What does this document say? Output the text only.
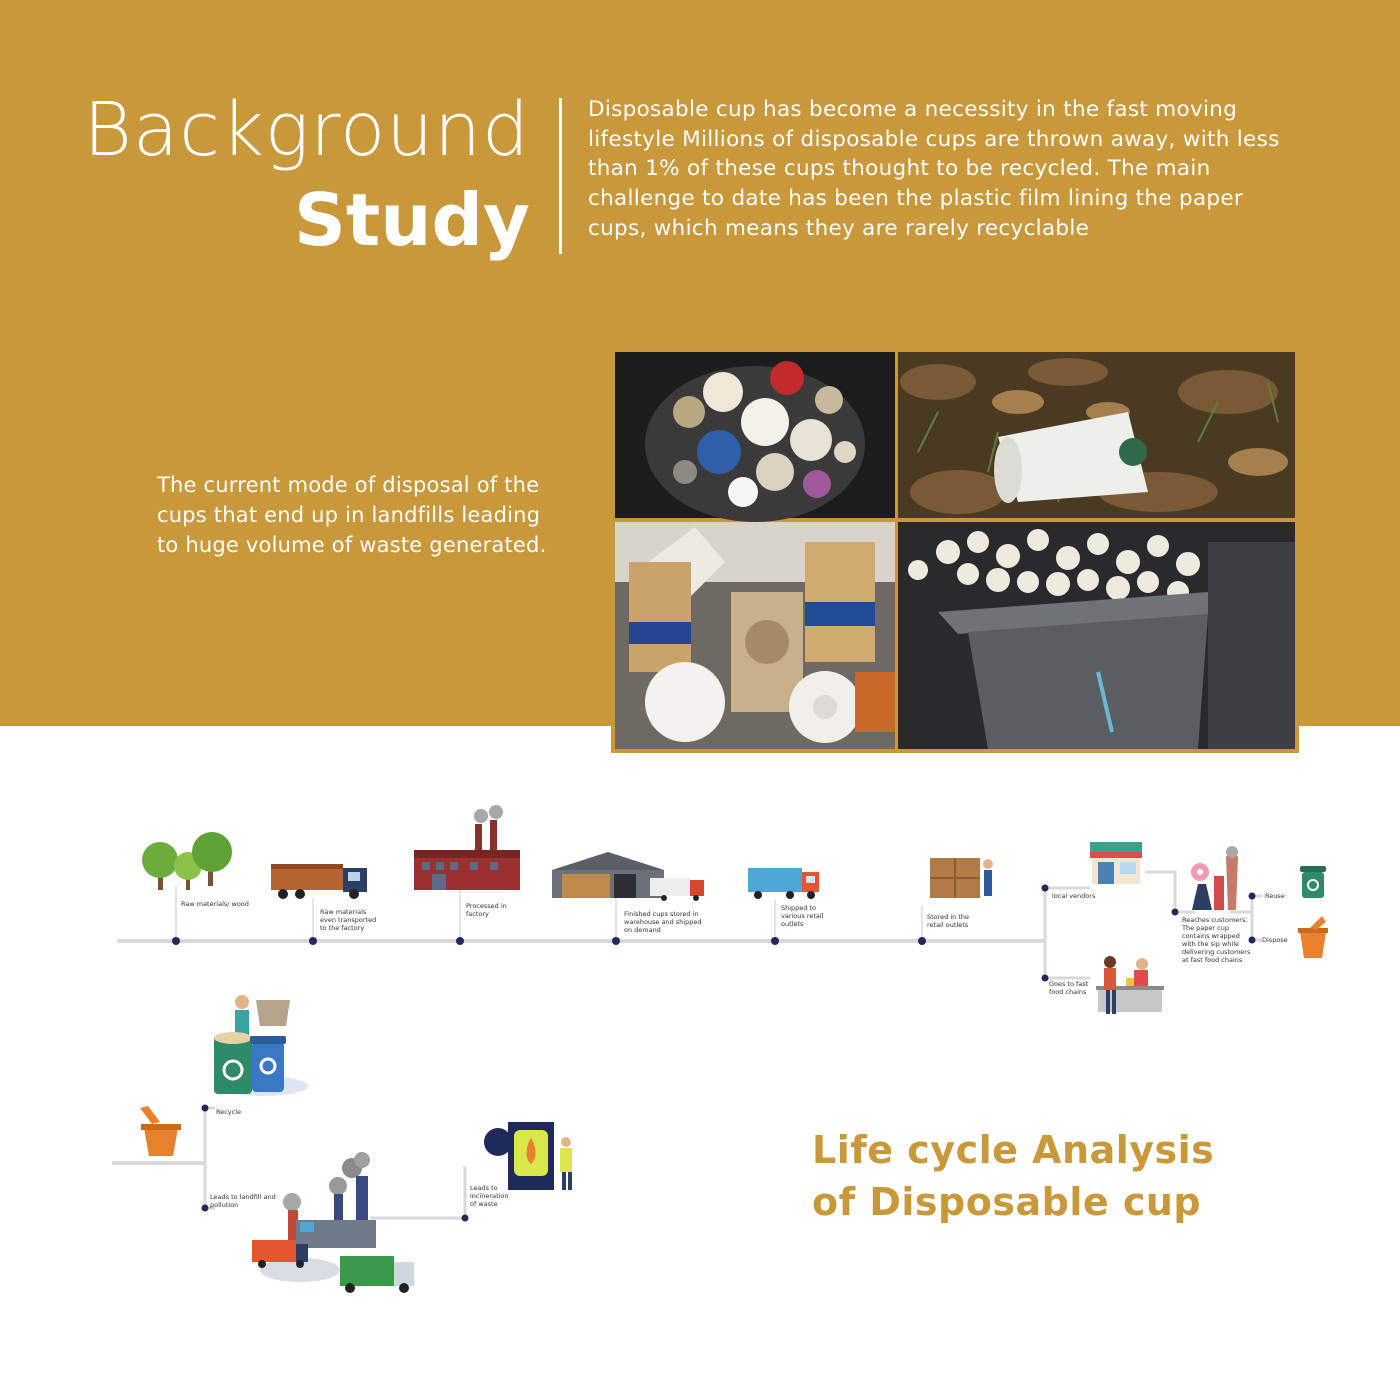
Background
Study

Disposable cup has become a necessity in the fast moving lifestyle Millions of disposable cups are thrown away, with less than 1% of these cups thought to be recycled. The main challenge to date has been the plastic film lining the paper cups, which means they are rarely recyclable

The current mode of disposal of the cups that end up in landfills leading to huge volume of waste generated.

Raw materials/ wood
Raw materials even transported to the factory
Processed in factory	Finished cups stored in warehouse and shipped on demand
Shipped to various retail outlets
Stored in the retail outlets
local vendors
Goes to fast food chains
Reaches customers. The paper cup contains wrapped with the sip while delivering customers at fast food chains
Reuse
Dispose
Recycle
Leads to landfill and pollution
Leads to incineration of waste

Life cycle Analysis of Disposable cup
